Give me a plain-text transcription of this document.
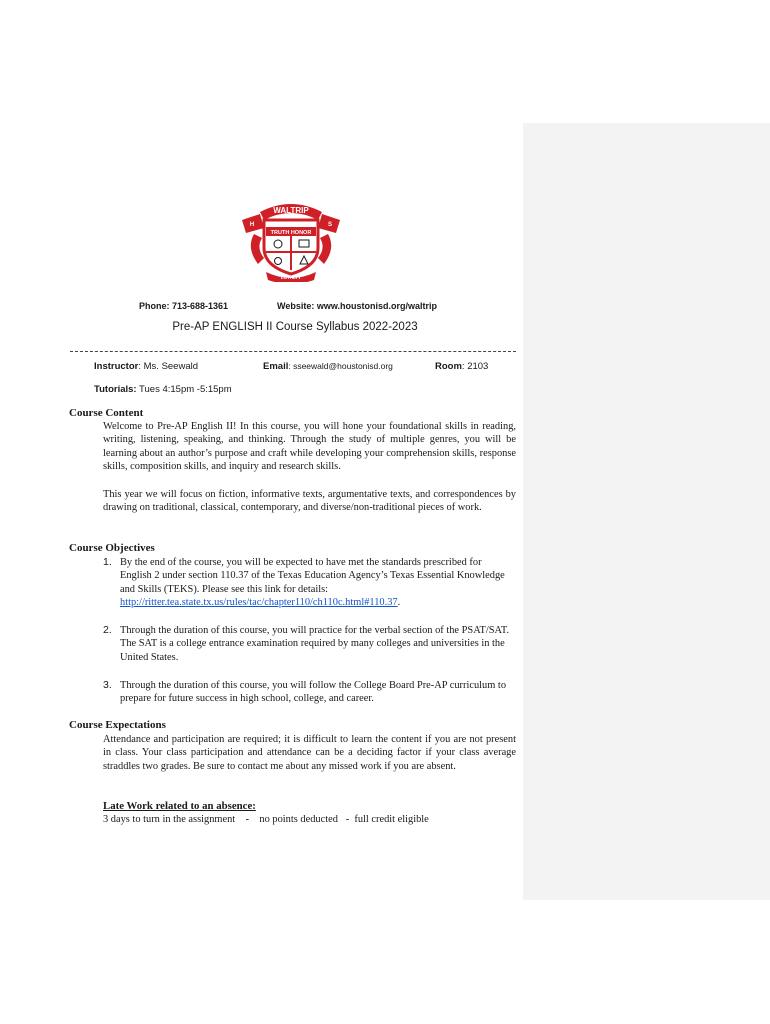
H	S
WALTRIP
TRUTH HONOR
LOYALTY
Phone: 713-688-1361	Website: www.houstonisd.org/waltrip
Pre-AP ENGLISH II Course Syllabus 2022-2023
Instructor: Ms. Seewald	Email: sseewald@houstonisd.org	Room: 2103
Tutorials: Tues 4:15pm -5:15pm
Course Content

Welcome to Pre-AP English II! In this course, you will hone your foundational skills in reading, writing, listening, speaking, and thinking. Through the study of multiple genres, you will be learning about an author’s purpose and craft while developing your comprehension skills, response skills, composition skills, and inquiry and research skills.

This year we will focus on fiction, informative texts, argumentative texts, and correspondences by drawing on traditional, classical, contemporary, and diverse/non-traditional pieces of work.

Course Objectives
1. By the end of the course, you will be expected to have met the standards prescribed for English 2 under section 110.37 of the Texas Education Agency’s Texas Essential Knowledge and Skills (TEKS). Please see this link for details:
http://ritter.tea.state.tx.us/rules/tac/chapter110/ch110c.html#110.37.
2. Through the duration of this course, you will practice for the verbal section of the PSAT/SAT. The SAT is a college entrance examination required by many colleges and universities in the United States.
3. Through the duration of this course, you will follow the College Board Pre-AP curriculum to prepare for future success in high school, college, and career.
Course Expectations

Attendance and participation are required; it is difficult to learn the content if you are not present in class. Your class participation and attendance can be a deciding factor if your class average straddles two grades. Be sure to contact me about any missed work if you are absent.

Late Work related to an absence:
3 days to turn in the assignment    -    no points deducted   -  full credit eligible
